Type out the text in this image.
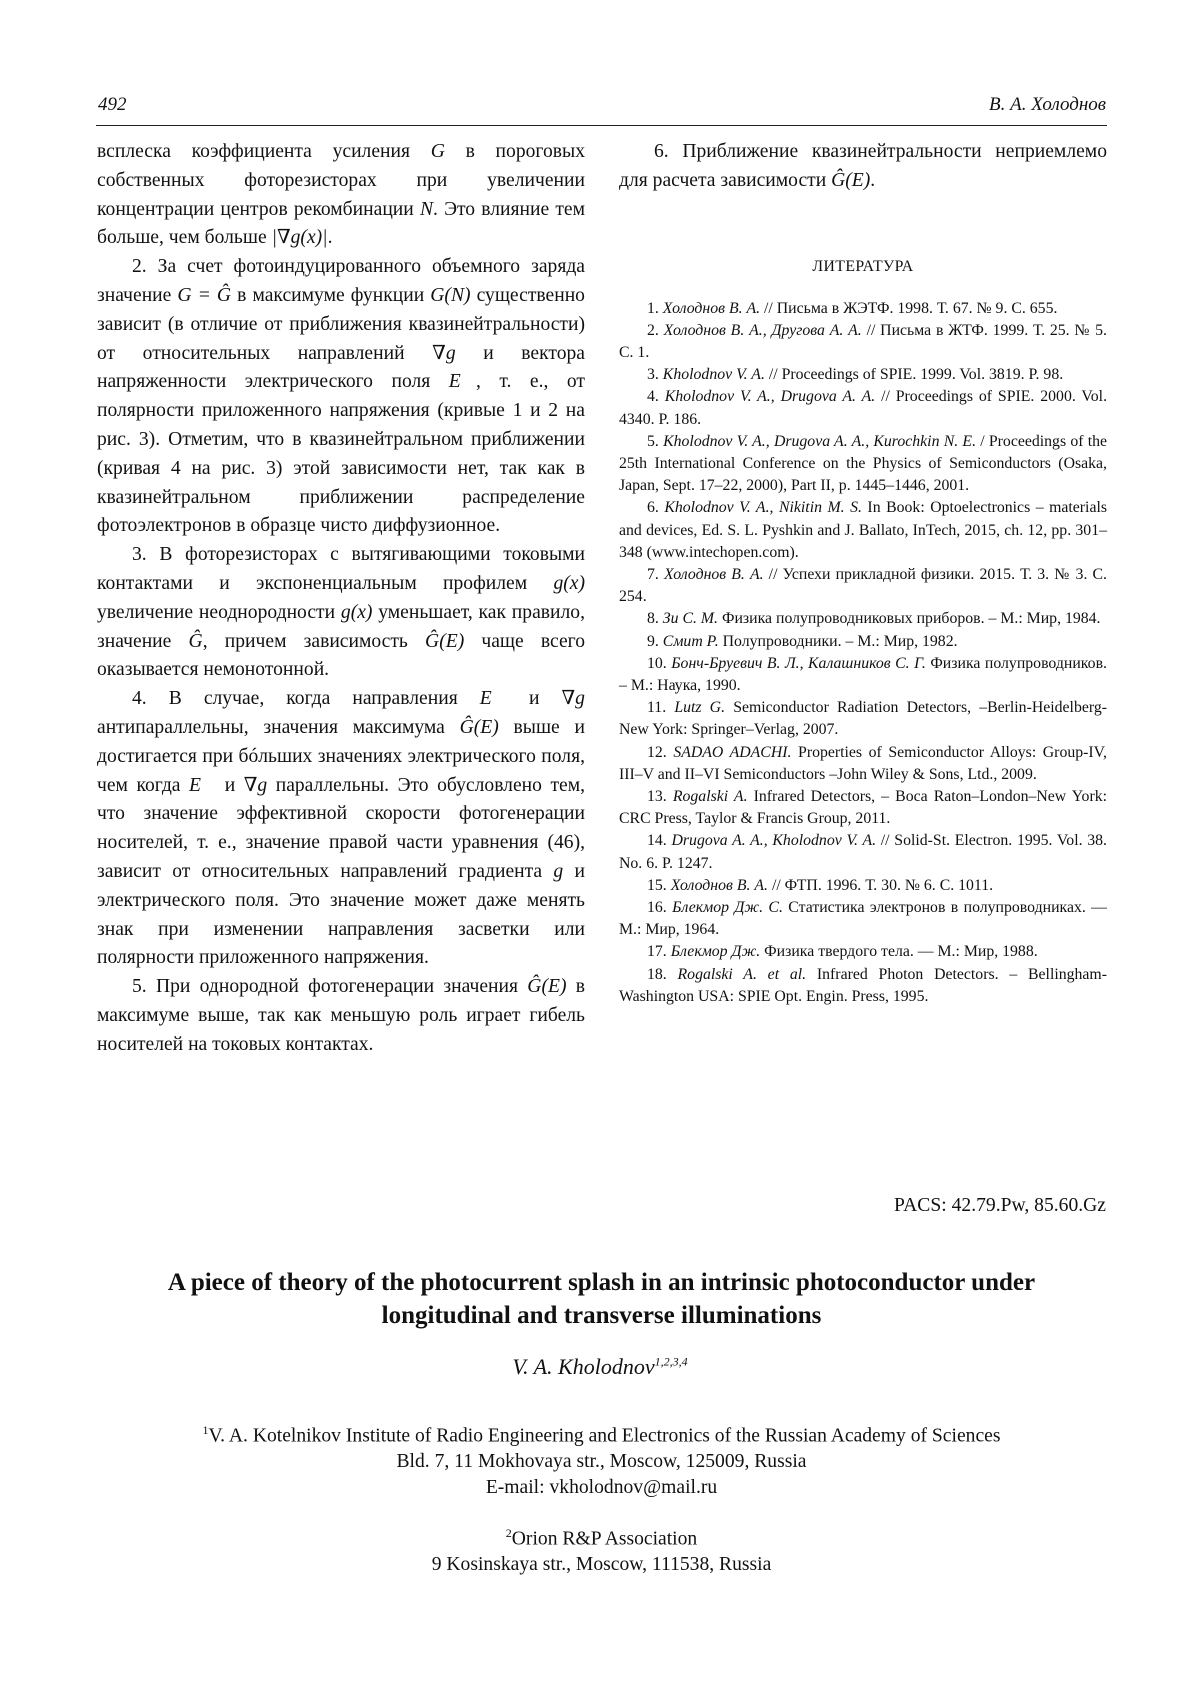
492	В. А. Холоднов

всплеска коэффициента усиления G в пороговых собственных фоторезисторах при увеличении концентрации центров рекомбинации N. Это влияние тем больше, чем больше |∇g(x)|.

2. За счет фотоиндуцированного объемного заряда значение G = Ĝ в максимуме функции G(N) существенно зависит (в отличие от приближения квазинейтральности) от относительных направлений ∇g и вектора напряженности электрического поля E⃗, т. е., от полярности приложенного напряжения (кривые 1 и 2 на рис. 3). Отметим, что в квазинейтральном приближении (кривая 4 на рис. 3) этой зависимости нет, так как в квазинейтральном приближении распределение фотоэлектронов в образце чисто диффузионное.

3. В фоторезисторах с вытягивающими токовыми контактами и экспоненциальным профилем g(x) увеличение неоднородности g(x) уменьшает, как правило, значение Ĝ, причем зависимость Ĝ(E) чаще всего оказывается немонотонной.

4. В случае, когда направления E⃗ и ∇g антипараллельны, значения максимума Ĝ(E) выше и достигается при бóльших значениях электрического поля, чем когда E⃗ и ∇g параллельны. Это обусловлено тем, что значение эффективной скорости фотогенерации носителей, т. е., значение правой части уравнения (46), зависит от относительных направлений градиента g и электрического поля. Это значение может даже менять знак при изменении направления засветки или полярности приложенного напряжения.

5. При однородной фотогенерации значения Ĝ(E) в максимуме выше, так как меньшую роль играет гибель носителей на токовых контактах.

6. Приближение квазинейтральности неприемлемо для расчета зависимости Ĝ(E).

ЛИТЕРАТУРА

1. Холоднов В. А. // Письма в ЖЭТФ. 1998. Т. 67. № 9. С. 655.

2. Холоднов В. А., Другова А. А. // Письма в ЖТФ. 1999. Т. 25. № 5. С. 1.

3. Kholodnov V. A. // Proceedings of SPIE. 1999. Vol. 3819. P. 98.

4. Kholodnov V. A., Drugova A. A. // Proceedings of SPIE. 2000. Vol. 4340. P. 186.

5. Kholodnov V. A., Drugova A. A., Kurochkin N. E. / Proceedings of the 25th International Conference on the Physics of Semiconductors (Osaka, Japan, Sept. 17–22, 2000), Part II, p. 1445–1446, 2001.

6. Kholodnov V. A., Nikitin M. S. In Book: Optoelectronics – materials and devices, Ed. S. L. Pyshkin and J. Ballato, InTech, 2015, ch. 12, pp. 301–348 (www.intechopen.com).

7. Холоднов В. А. // Успехи прикладной физики. 2015. Т. 3. № 3. С. 254.

8. Зи С. М. Физика полупроводниковых приборов. – М.: Мир, 1984.

9. Смит Р. Полупроводники. – М.: Мир, 1982.

10. Бонч-Бруевич В. Л., Калашников С. Г. Физика полупроводников. – М.: Наука, 1990.

11. Lutz G. Semiconductor Radiation Detectors, –Berlin-Heidelberg-New York: Springer–Verlag, 2007.

12. SADAO ADACHI. Properties of Semiconductor Alloys: Group-IV, III–V and II–VI Semiconductors –John Wiley & Sons, Ltd., 2009.

13. Rogalski A. Infrared Detectors, – Boca Raton–London–New York: CRC Press, Taylor & Francis Group, 2011.

14. Drugova A. A., Kholodnov V. A. // Solid-St. Electron. 1995. Vol. 38. No. 6. P. 1247.

15. Холоднов В. А. // ФТП. 1996. Т. 30. № 6. С. 1011.

16. Блекмор Дж. С. Статистика электронов в полупроводниках. — М.: Мир, 1964.

17. Блекмор Дж. Физика твердого тела. — М.: Мир, 1988.

18. Rogalski A. et al. Infrared Photon Detectors. – Bellingham-Washington USA: SPIE Opt. Engin. Press, 1995.

PACS: 42.79.Pw, 85.60.Gz
A piece of theory of the photocurrent splash in an intrinsic photoconductor under
longitudinal and transverse illuminations
V. A. Kholodnov$^{1,2,3,4}$
$^1$V. A. Kotelnikov Institute of Radio Engineering and Electronics of the Russian Academy of Sciences
Bld. 7, 11 Mokhovaya str., Moscow, 125009, Russia
E-mail: vkholodnov@mail.ru
$^2$Orion R&P Association
9 Kosinskaya str., Moscow, 111538, Russia
